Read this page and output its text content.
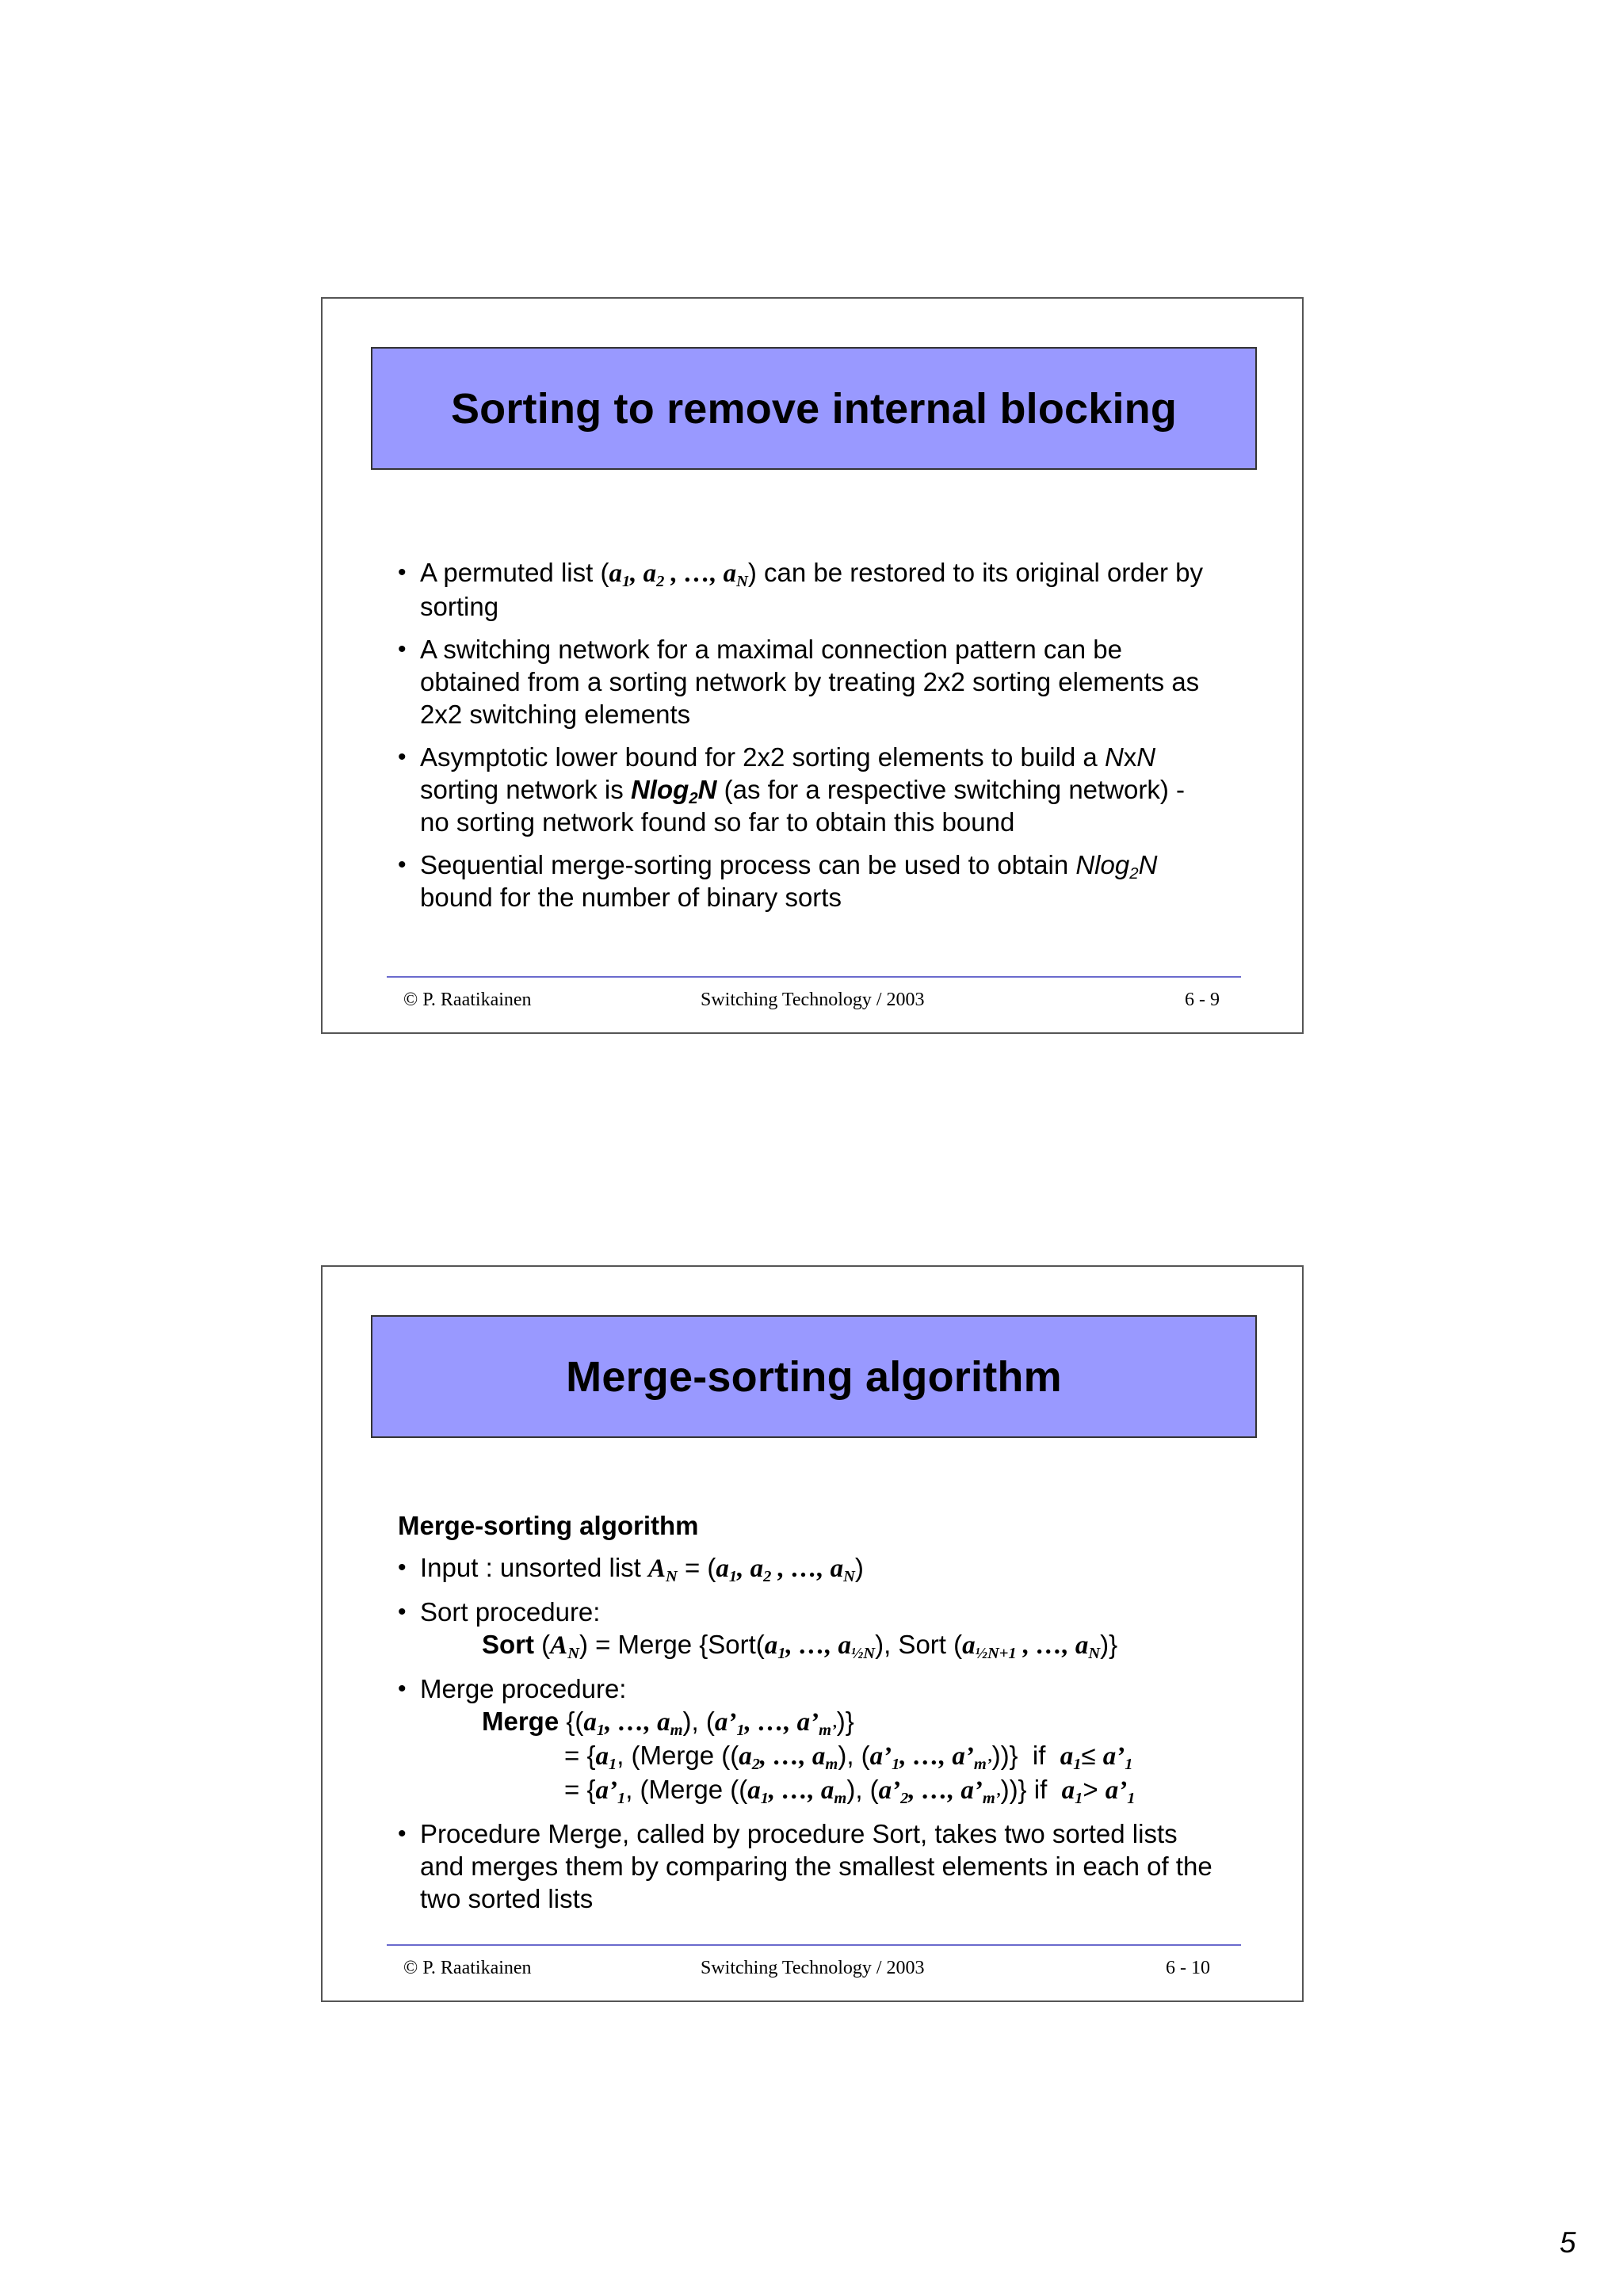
Sorting to remove internal blocking
• A permuted list ($a_1$, $a_2$ , …, $a_N$) can be restored to its original order by sorting
• A switching network for a maximal connection pattern can be obtained from a sorting network by treating 2x2 sorting elements as 2x2 switching elements
• Asymptotic lower bound for 2x2 sorting elements to build a NxN sorting network is Nlog$_2$N (as for a respective switching network) - no sorting network found so far to obtain this bound
• Sequential merge-sorting process can be used to obtain Nlog$_2$N bound for the number of binary sorts
© P. Raatikainen	Switching Technology / 2003	6 - 9
Merge-sorting algorithm
Merge-sorting algorithm
• Input : unsorted list $A_N = (a_1$, $a_2$ , …, $a_N$)
• Sort procedure:
Sort $(A_N)$ = Merge {$Sort(a_1$, …, $a_{\frac{1}{2}N}$), Sort ($a_{\frac{1}{2}N+1}$ , …, $a_N$)}
• Merge procedure:
Merge {($a_1$, …, $a_m$), ($a’_1$, …, $a’_{m’}$)}
= {$a_1$, (Merge (($a_2$, …, $a_m$), ($a’_1$, …, $a’_{m’}$))}  if  $a_1\le$ $a’_1$
= {$a’_1$, (Merge (($a_1$, …, $a_m$), ($a’_2$, …, $a’_{m’}$))} if  $a_1>$ $a’_1$
• Procedure Merge, called by procedure Sort, takes two sorted lists and merges them by comparing the smallest elements in each of the two sorted lists
© P. Raatikainen	Switching Technology / 2003	6 - 10
5
